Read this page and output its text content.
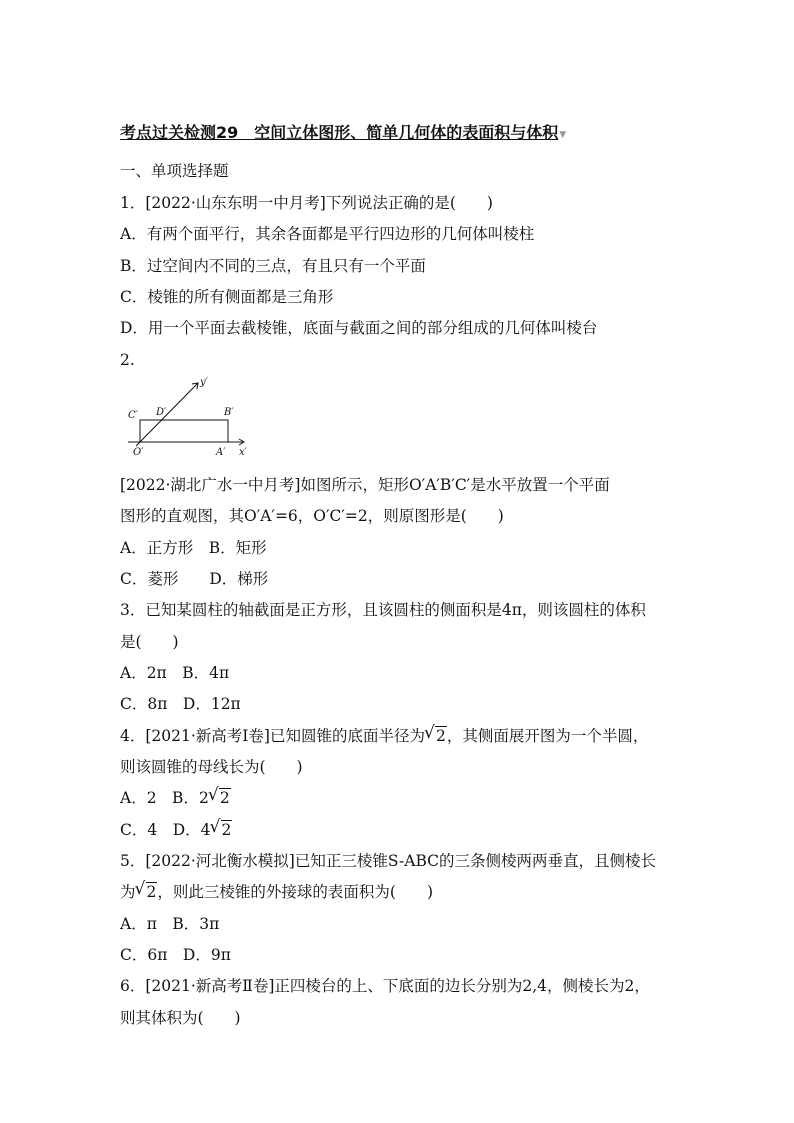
考点过关检测29　空间立体图形、简单几何体的表面积与体积▼
一、单项选择题
1．[2022·山东东明一中月考]下列说法正确的是(　　)
A．有两个面平行，其余各面都是平行四边形的几何体叫棱柱
B．过空间内不同的三点，有且只有一个平面
C．棱锥的所有侧面都是三角形
D．用一个平面去截棱锥，底面与截面之间的部分组成的几何体叫棱台
2.
C′ D′	B′
O′	A′ x′
y′
[2022·湖北广水一中月考]如图所示，矩形O′A′B′C′是水平放置一个平面
图形的直观图，其O′A′=6，O′C′=2，则原图形是(　　)
A．正方形　B．矩形
C．菱形　　D．梯形
3．已知某圆柱的轴截面是正方形，且该圆柱的侧面积是4π，则该圆柱的体积
是(　　)
A．2π　B．4π
C．8π　D．12π
4．[2021·新高考Ⅰ卷]已知圆锥的底面半径为 √ 2，其侧面展开图为一个半圆，
则该圆锥的母线长为(　　)
A．2　B．2 √ 2
C．4　D．4 √ 2
5．[2022·河北衡水模拟]已知正三棱锥S-ABC的三条侧棱两两垂直，且侧棱长
为 √ 2，则此三棱锥的外接球的表面积为(　　)
A．π　B．3π
C．6π　D．9π
6．[2021·新高考Ⅱ卷]正四棱台的上、下底面的边长分别为2,4，侧棱长为2，
则其体积为(　　)
